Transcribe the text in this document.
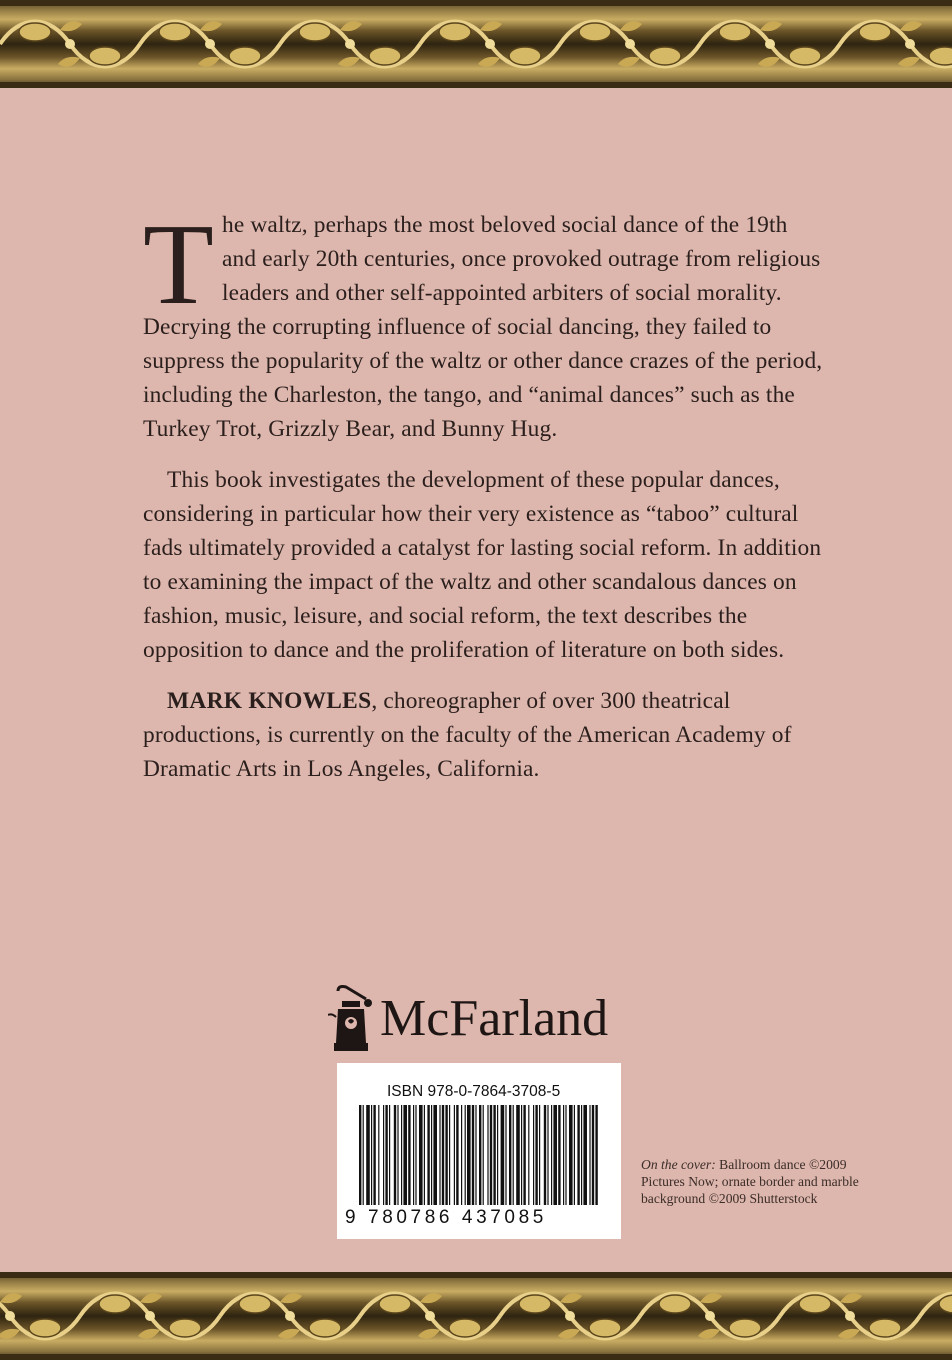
The waltz, perhaps the most beloved social dance of the 19th and early 20th centuries, once provoked outrage from religious leaders and other self-appointed arbiters of social morality. Decrying the corrupting influence of social dancing, they failed to suppress the popularity of the waltz or other dance crazes of the period, including the Charleston, the tango, and “animal dances” such as the Turkey Trot, Grizzly Bear, and Bunny Hug.

This book investigates the development of these popular dances, considering in particular how their very existence as “taboo” cultural fads ultimately provided a catalyst for lasting social reform. In addition to examining the impact of the waltz and other scandalous dances on fashion, music, leisure, and social reform, the text describes the opposition to dance and the proliferation of literature on both sides.

MARK KNOWLES, choreographer of over 300 theatrical productions, is currently on the faculty of the American Academy of Dramatic Arts in Los Angeles, California.

McFarland
ISBN 978-0-7864-3708-5
9 780786 437085
On the cover: Ballroom dance ©2009 Pictures Now; ornate border and marble background ©2009 Shutterstock
